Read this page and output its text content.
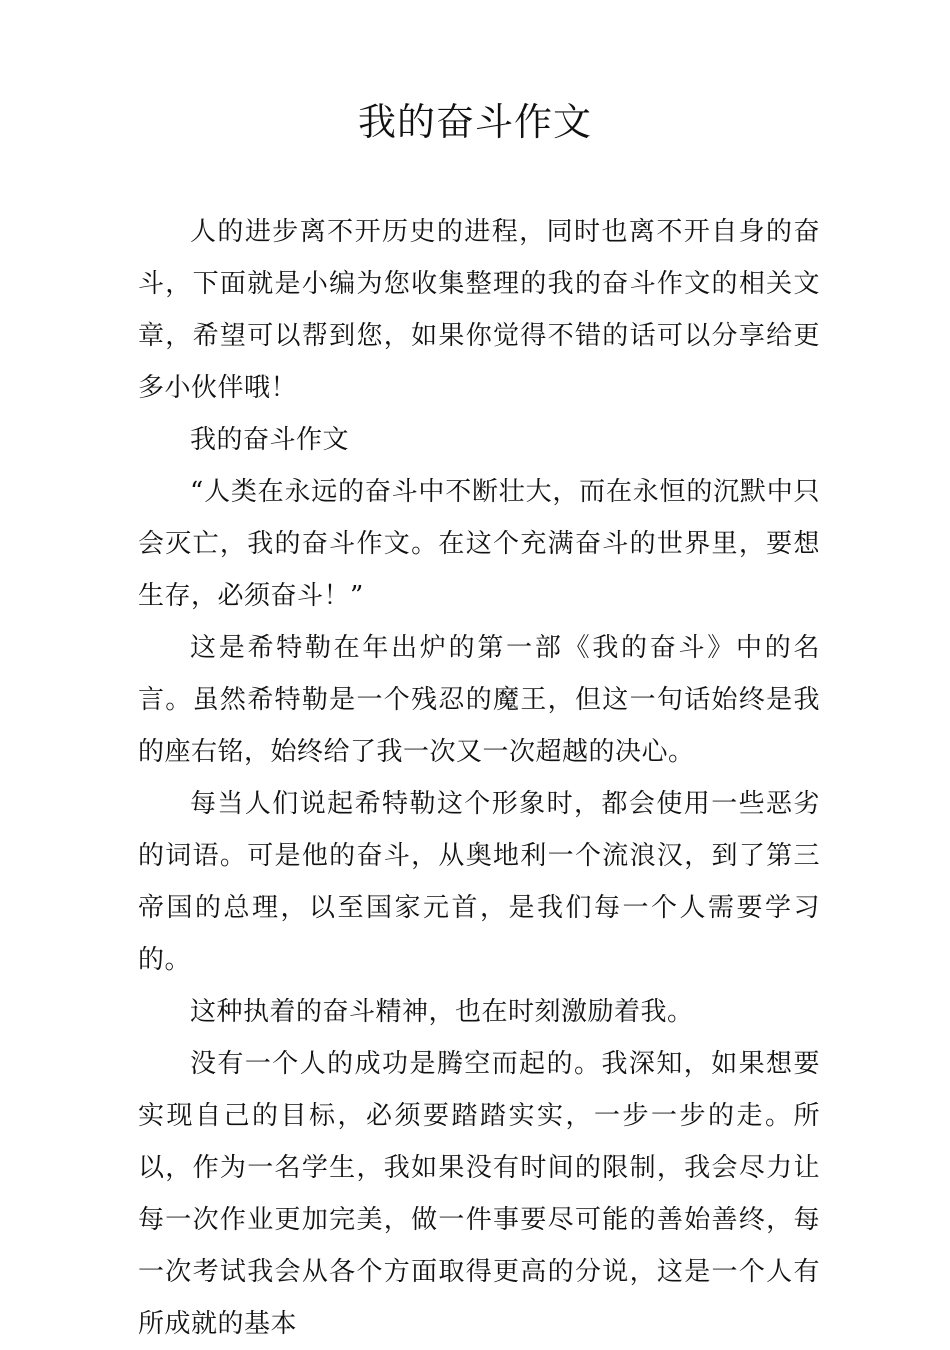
我的奋斗作文

人的进步离不开历史的进程，同时也离不开自身的奋斗，下面就是小编为您收集整理的我的奋斗作文的相关文章，希望可以帮到您，如果你觉得不错的话可以分享给更多小伙伴哦！

我的奋斗作文

“人类在永远的奋斗中不断壮大，而在永恒的沉默中只会灭亡，我的奋斗作文。在这个充满奋斗的世界里，要想生存，必须奋斗！”

这是希特勒在年出炉的第一部《我的奋斗》中的名言。虽然希特勒是一个残忍的魔王，但这一句话始终是我的座右铭，始终给了我一次又一次超越的决心。

每当人们说起希特勒这个形象时，都会使用一些恶劣的词语。可是他的奋斗，从奥地利一个流浪汉，到了第三帝国的总理，以至国家元首，是我们每一个人需要学习的。

这种执着的奋斗精神，也在时刻激励着我。

没有一个人的成功是腾空而起的。我深知，如果想要实现自己的目标，必须要踏踏实实，一步一步的走。所以，作为一名学生，我如果没有时间的限制，我会尽力让每一次作业更加完美，做一件事要尽可能的善始善终，每一次考试我会从各个方面取得更高的分说，这是一个人有所成就的基本
